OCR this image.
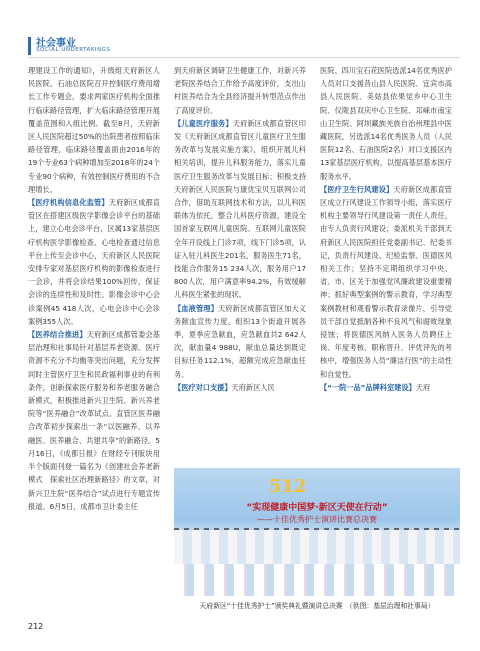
社会事业
SOCIAL UNDERTAKINGS

理建设工作的通知》，升级组天府新区人民医院、石油总医院召开控制医疗费用增长工作专题会，要求两家医疗机构全面推行临床路径管理，扩大临床路径管理开展覆盖范围和入组比例。截至8月，天府新区人民医院超过50%的出院患者按照临床路径管理，临床路径覆盖面由2016年的19个专业63个病种增加至2018年的24个专业90个病种，有效控制医疗费用的不合理增长。

【医疗机构信息化监管】天府新区成都直管区在搭建区级医学影像会诊平台的基础上，建立心电会诊平台，区属13家基层医疗机构医学影像检查、心电检查通过信息平台上传至会诊中心，天府新区人民医院安排专家对基层医疗机构的影像检查进行一会诊，并将会诊结果100%回传，保证会诊的连续性和及时性。影像会诊中心会诊案例45 418人次，心电会诊中心会诊案例355人次。

【医养结合推进】天府新区成都管委会基层治理和社事局针对基层养老资源、医疗资源不充分不均衡等突出问题，充分发挥同时主管医疗卫生和民政福利事业的有利条件，创新探索医疗服务和养老服务融合新模式，积极推进新兴卫生院、新兴养老院等“医养融合”改革试点。直管区医养融合改革初步探索出一条“以医融养、以养融医、医养融合、共建共享”的新路径。5月16日，《成都日报》在财经专刊版块用半个版面刊登一篇名为《创建社会养老新模式　探索社区治理新路径》的文章，对新兴卫生院“医养结合”试点进行专题宣传报道。6月5日，成都市卫计委主任

到天府新区调研卫生健康工作，对新兴养老院医养结合工作给予高度评价，支出山村医养结合为全县经济提升转型范点作出了高度评价。

【儿童医疗服务】天府新区成都直管区印发《天府新区成都直管区儿童医疗卫生服务改革与发展实施方案》，组织开展儿科相关培训，提升儿科服务能力，落实儿童医疗卫生服务改革与发展目标；积极支持天府新区人民医院与康优宝贝互联网公司合作，借助互联网技术和方法，以儿科医联体为依托，整合儿科医疗资源，建设全国首家互联网儿童医院。互联网儿童医院全年开设线上门诊7项，线下门诊5项，认证入驻儿科医生201名，服务医生71名，技能合作服务15 234人次，服务用户17 800人次，用户满意率94.2%，有效缓解儿科医生紧张的现状。

【血液管理】天府新区成都直管区加大义务献血宣传力度，组织13个街道开展各季，夏季应急献血，应急献血共2 642人次，献血量4 988U，献血总量达到既定目标任务112.1%，超额完成应急献血任务。

【医疗对口支援】天府新区人民

医院、四川宝石花医院选派14名优秀医护人员对口支援昔山县人民医院、宜宾市高县人民医院、美姑县依果觉乡中心卫生院、仪陇县双庆中心卫生院、邛崃市南宝山卫生院、阿坝藏族羌族自治州理县中医藏医院，另选派14名优秀医务人员（人民医院12名、石油医院2名）对口支援区内13家基层医疗机构，以提高基层基本医疗服务水平。

【医疗卫生行风建设】天府新区成都直管区成立行风建设工作领导小组，落实医疗机构主要领导行风建设第一责任人责任，由专人负责行风建设；委派机关干部到天府新区人民医院担任党委副书记、纪委书记，负责行风建设、纪检监察、医德医风相关工作；坚持不定期组织学习中央、省、市、区关于加强党风廉政建设重要精神；抓好典型案例的警示教育，学习典型案例教材和观看警示教育录像片，引导党员干部自觉抵制各种不良风气和腐败现象侵蚀；将医德医风纳入医务人员聘任上岗、年度考核、职称晋升、评优评先的考核中，增强医务人员“廉洁行医”的主动性和自觉性。

【“一院一品”品牌科室建设】天府

512
“实现健康中国梦·新区天使在行动”
——十佳优秀护士演讲比赛总决赛
天府新区“十佳优秀护士”颁奖典礼暨演讲总决赛　（供图：基层治理和社事局）
212
